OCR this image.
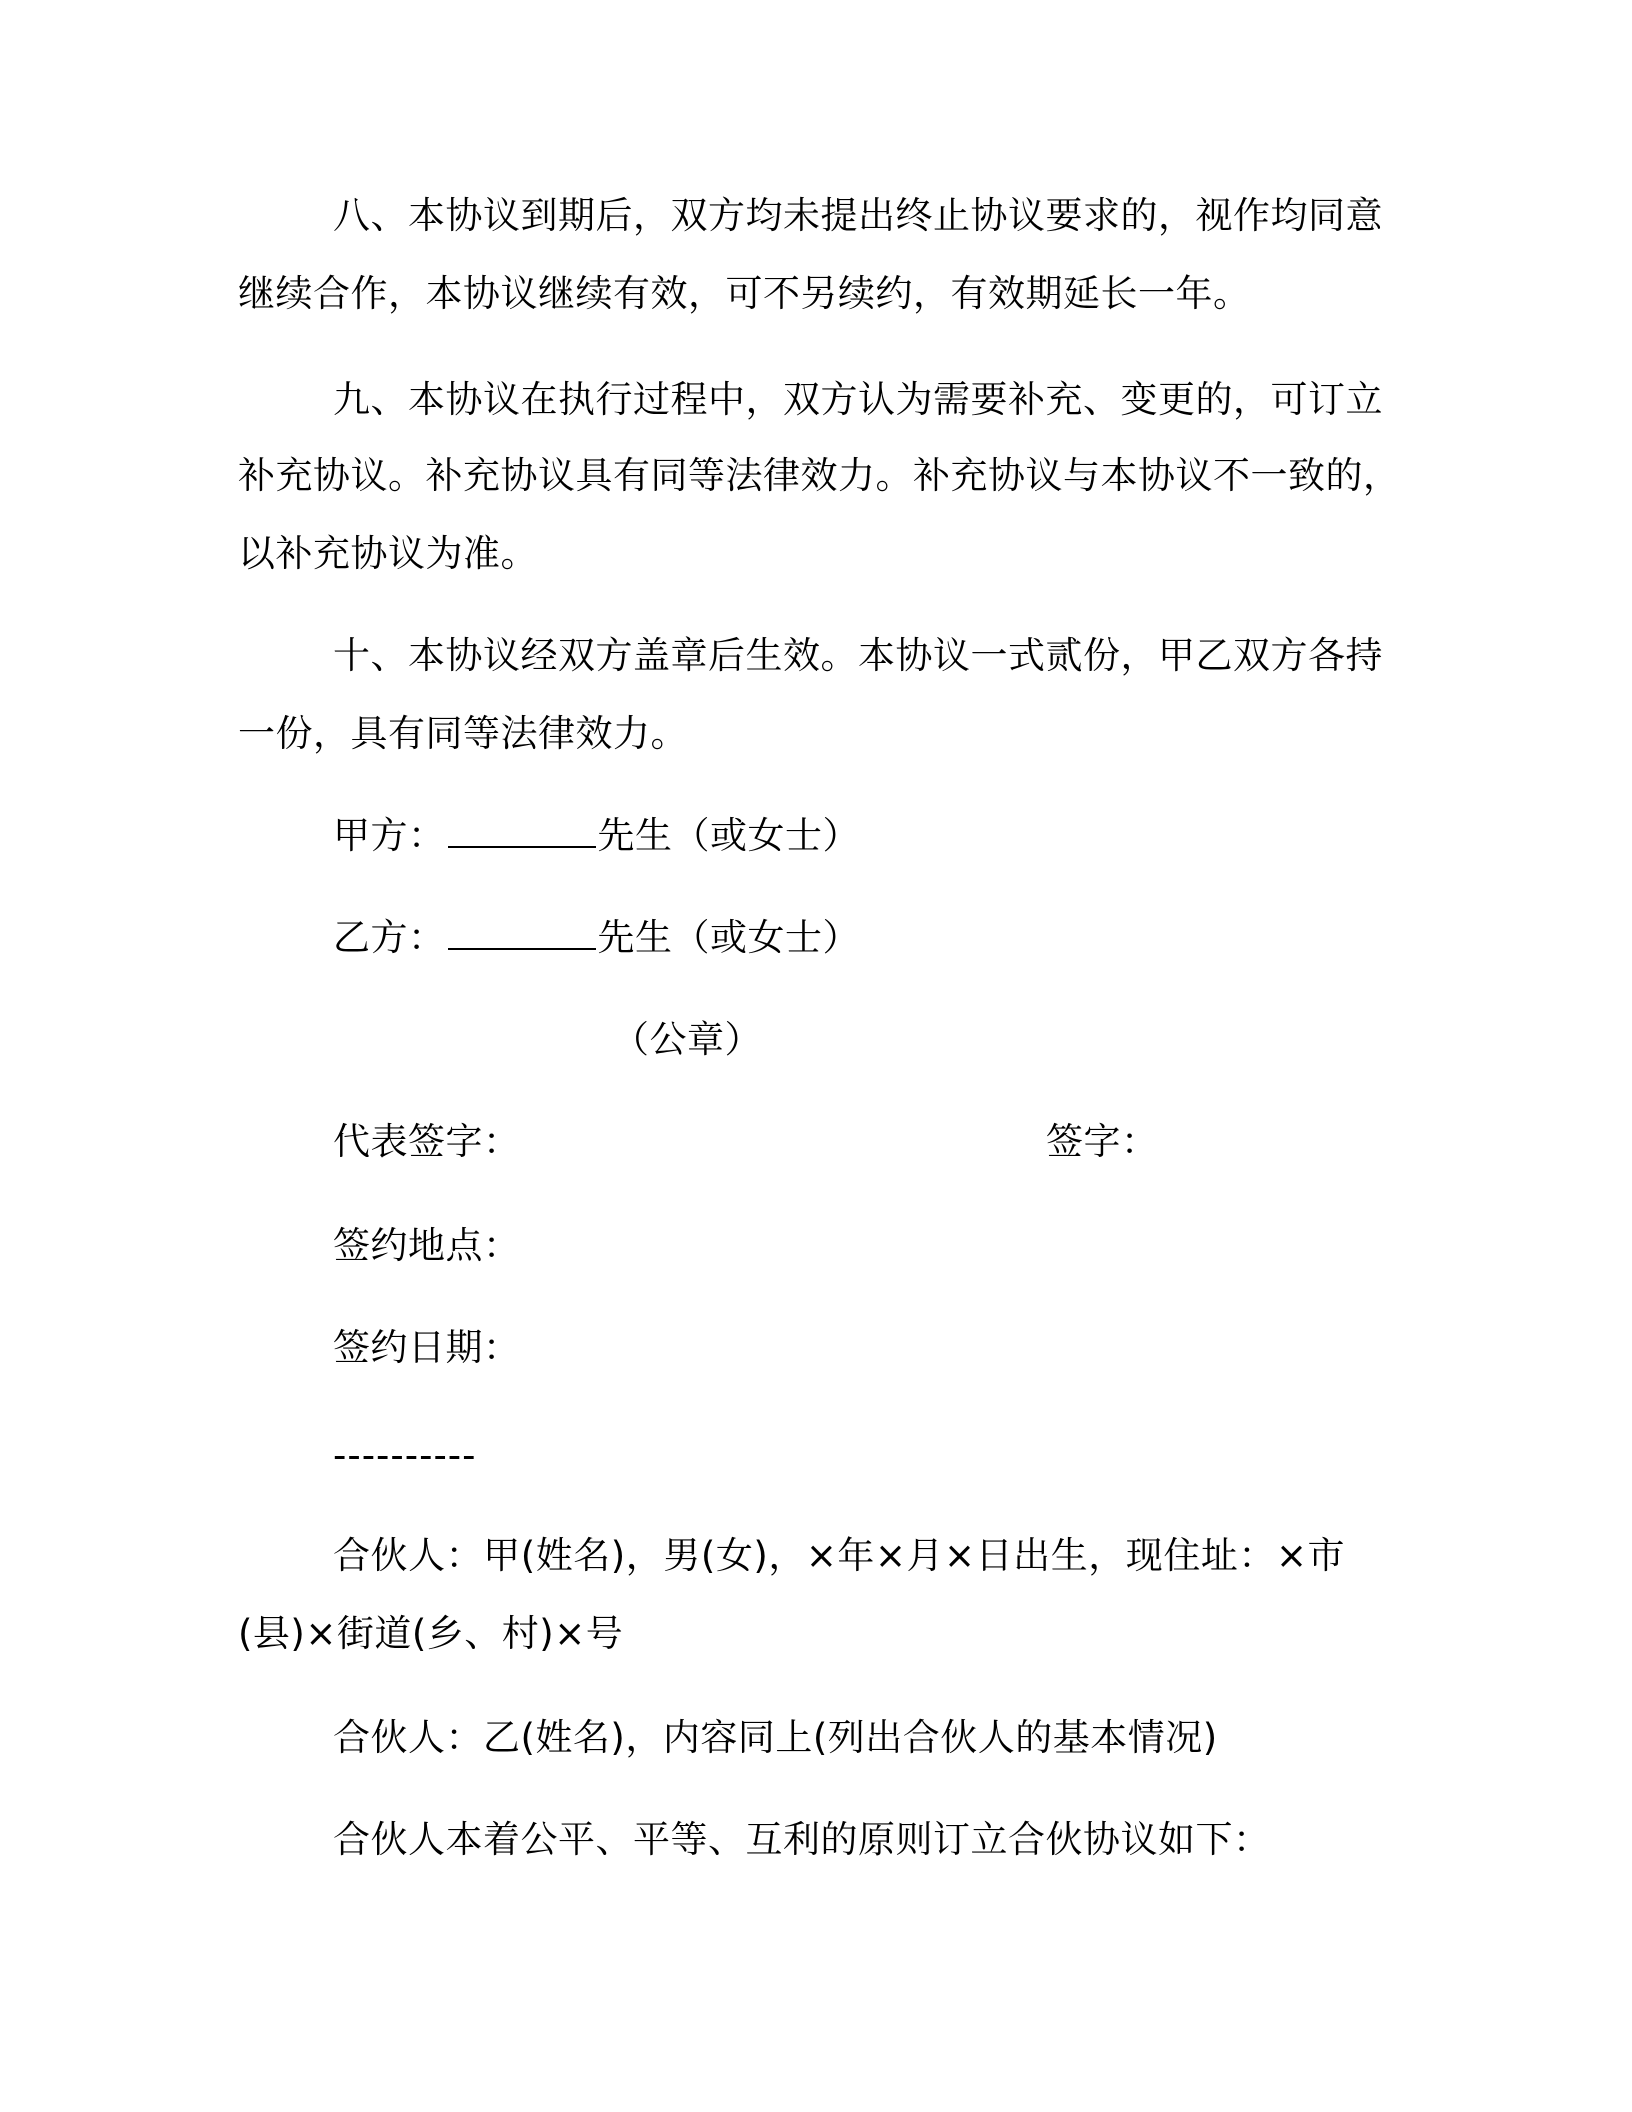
八、本协议到期后，双方均未提出终止协议要求的，视作均同意
继续合作，本协议继续有效，可不另续约，有效期延长一年。
九、本协议在执行过程中，双方认为需要补充、变更的，可订立
补充协议。补充协议具有同等法律效力。补充协议与本协议不一致的，
以补充协议为准。
十、本协议经双方盖章后生效。本协议一式贰份，甲乙双方各持
一份，具有同等法律效力。
甲方：	先生（或女士）
乙方：	先生（或女士）
（公章）
代表签字：	签字：
签约地点：
签约日期：
----------
合伙人：甲(姓名)，男(女)，×年×月×日出生，现住址：×市
(县)×街道(乡、村)×号
合伙人：乙(姓名)，内容同上(列出合伙人的基本情况)
合伙人本着公平、平等、互利的原则订立合伙协议如下：
